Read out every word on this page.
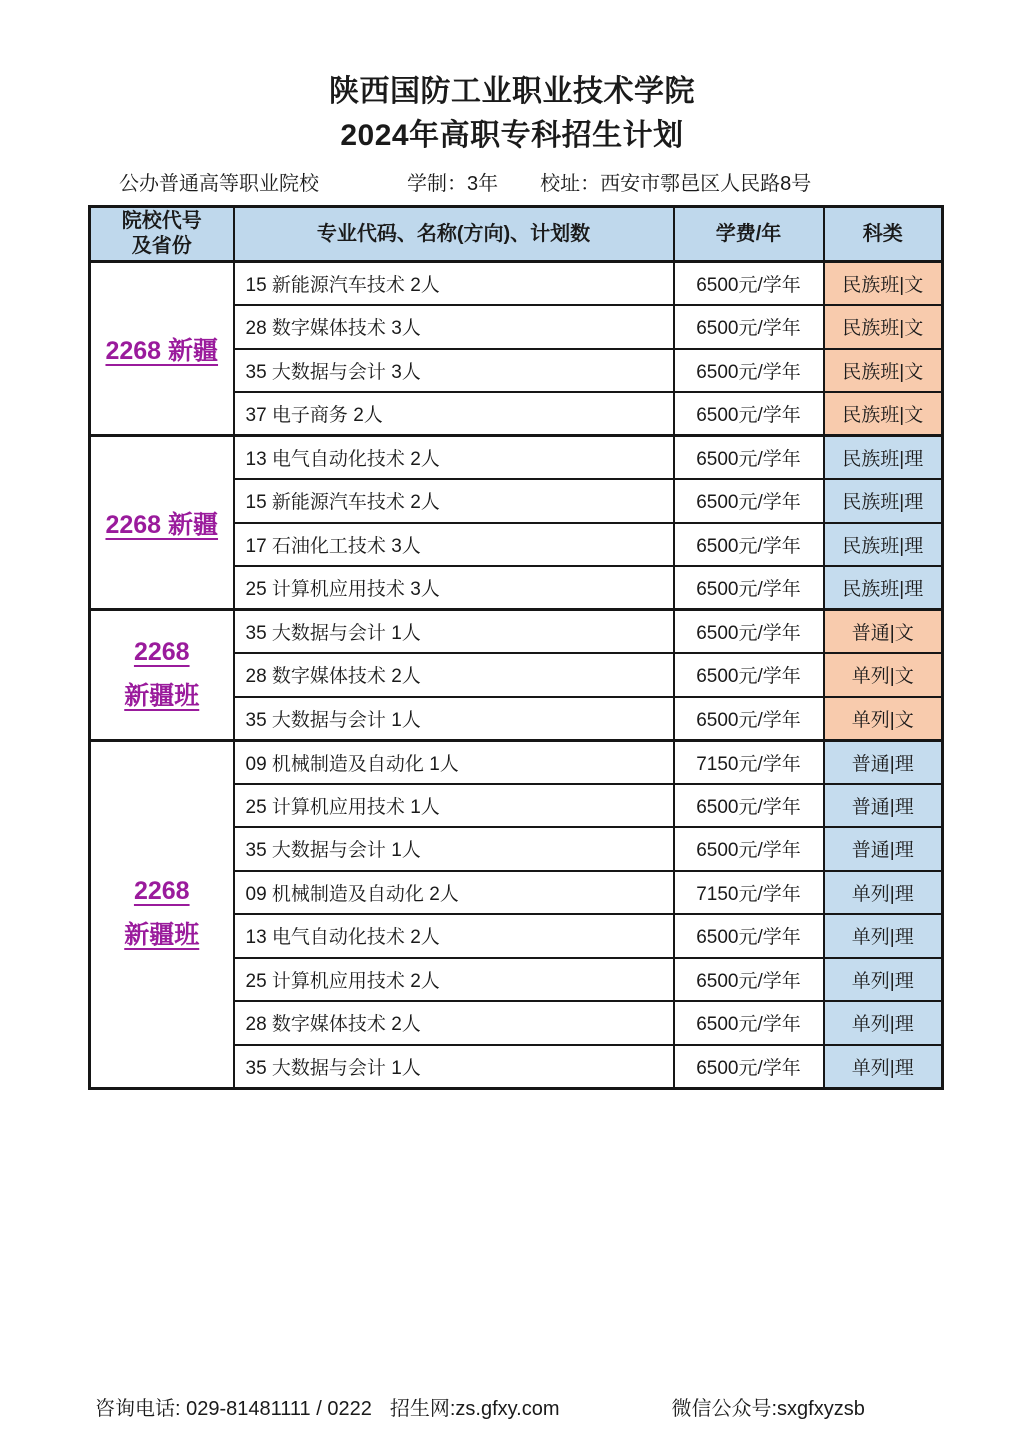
陕西国防工业职业技术学院
2024年高职专科招生计划
公办普通高等职业院校	学制：3年 校址：西安市鄠邑区人民路8号
院校代号
及省份	专业代码、名称(方向)、计划数	学费/年	科类
2268 新疆	15 新能源汽车技术 2人	6500元/学年	民族班|文
	28 数字媒体技术 3人	6500元/学年	民族班|文
	35 大数据与会计 3人	6500元/学年	民族班|文
	37 电子商务 2人	6500元/学年	民族班|文
2268 新疆	13 电气自动化技术 2人	6500元/学年	民族班|理
	15 新能源汽车技术 2人	6500元/学年	民族班|理
	17 石油化工技术 3人	6500元/学年	民族班|理
	25 计算机应用技术 3人	6500元/学年	民族班|理

2268
新疆班	35 大数据与会计 1人	6500元/学年	普通|文
	28 数字媒体技术 2人	6500元/学年	单列|文
	35 大数据与会计 1人	6500元/学年	单列|文

2268
新疆班	09 机械制造及自动化 1人	7150元/学年	普通|理
	25 计算机应用技术 1人	6500元/学年	普通|理
	35 大数据与会计 1人	6500元/学年	普通|理
	09 机械制造及自动化 2人	7150元/学年	单列|理
	13 电气自动化技术 2人	6500元/学年	单列|理
	25 计算机应用技术 2人	6500元/学年	单列|理
	28 数字媒体技术 2人	6500元/学年	单列|理
	35 大数据与会计 1人	6500元/学年	单列|理
咨询电话: 029-81481111 / 0222 招生网:zs.gfxy.com	微信公众号:sxgfxyzsb
